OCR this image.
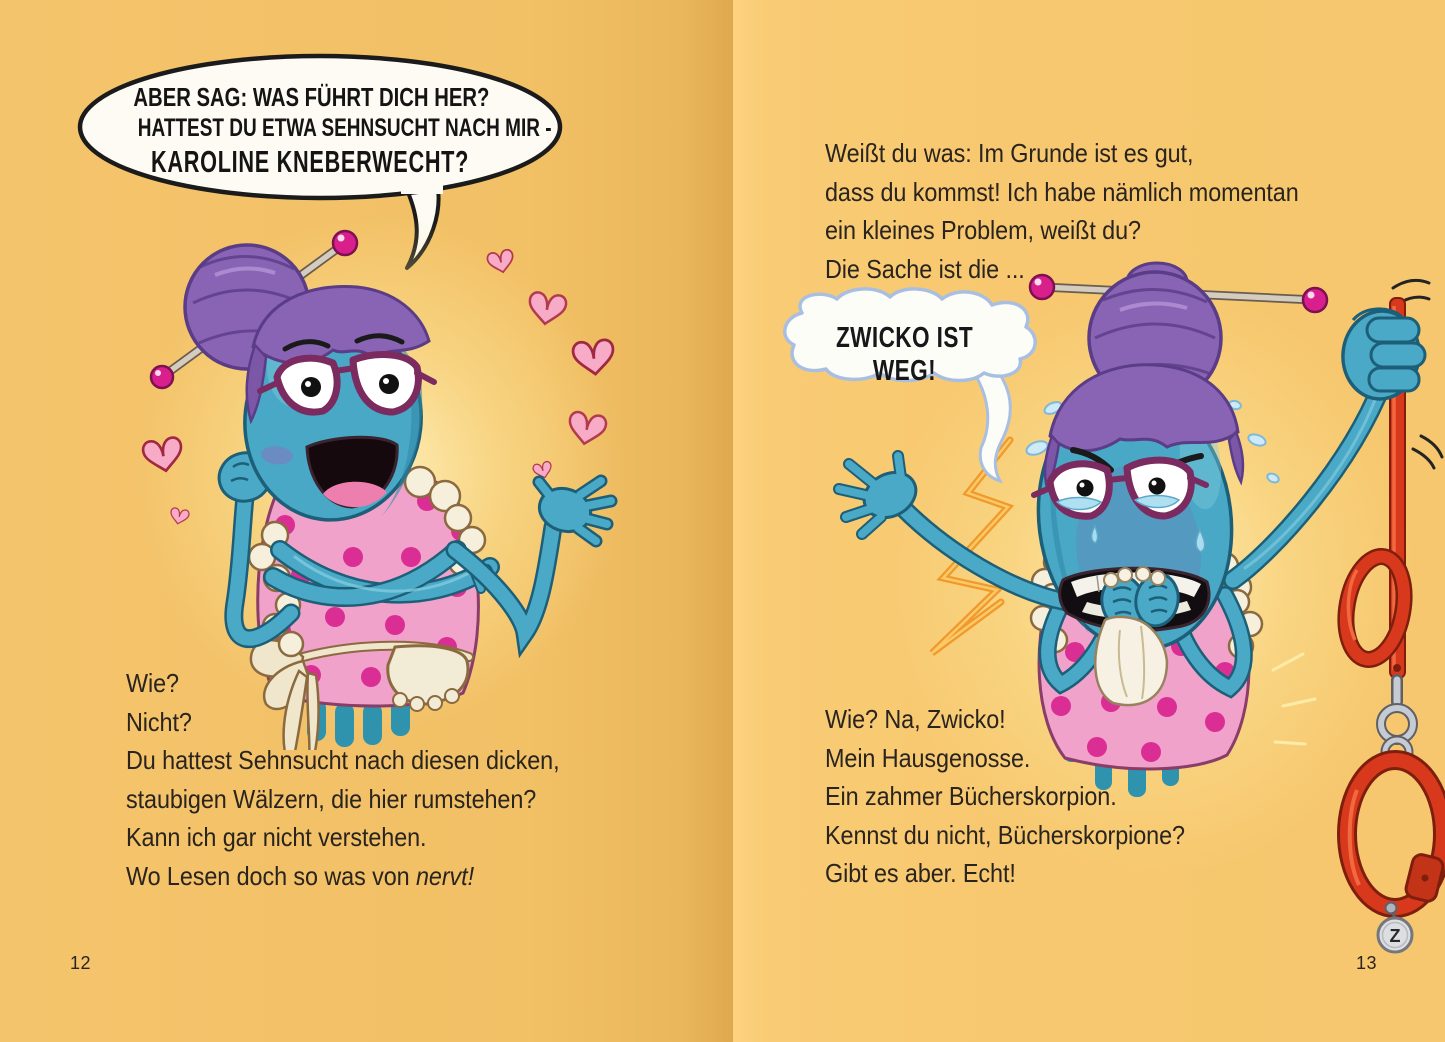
ABER SAG: WAS FÜHRT DICH HER?
HATTEST DU ETWA SEHNSUCHT NACH MIR -
KAROLINE KNEBERWECHT?
Wie?
Nicht?
Du hattest Sehnsucht nach diesen dicken,
staubigen Wälzern, die hier rumstehen?
Kann ich gar nicht verstehen.
Wo Lesen doch so was von nervt!
12
Weißt du was: Im Grunde ist es gut,
dass du kommst! Ich habe nämlich momentan
ein kleines Problem, weißt du?
Die Sache ist die ...
Z
ZWICKO IST WEG!
Wie? Na, Zwicko!
Mein Hausgenosse.
Ein zahmer Bücherskorpion.
Kennst du nicht, Bücherskorpione?
Gibt es aber. Echt!
13
